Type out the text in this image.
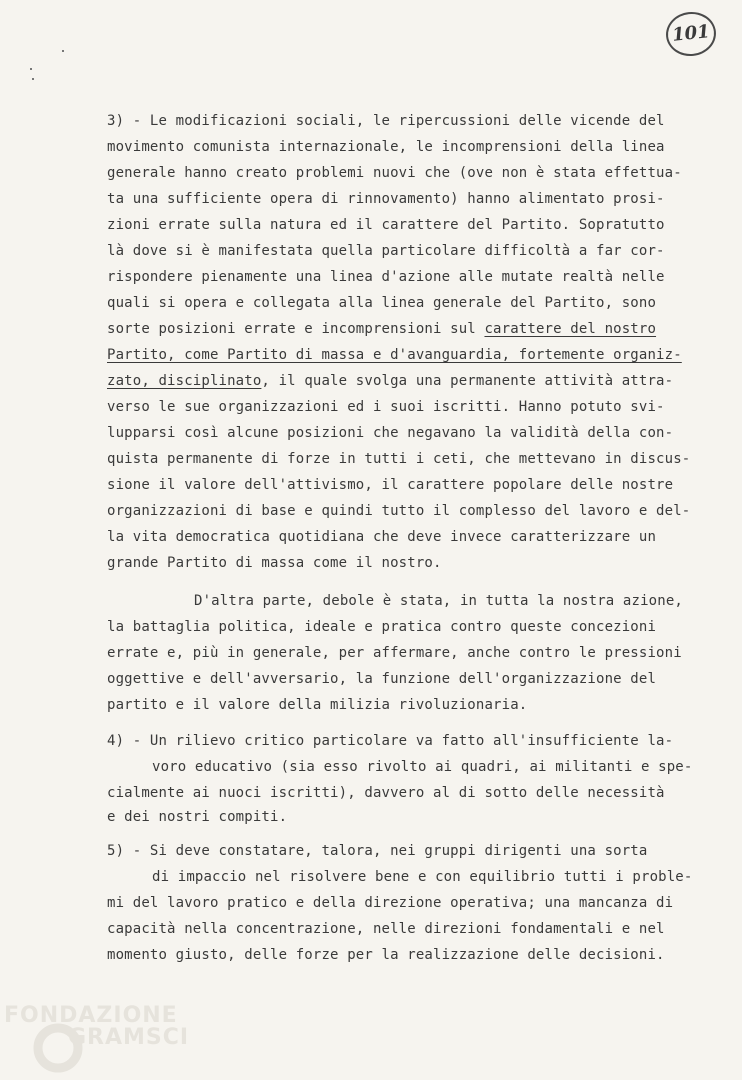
101
3) - Le modificazioni sociali, le ripercussioni delle vicende del
movimento comunista internazionale, le incomprensioni della linea
generale hanno creato problemi nuovi che (ove non è stata effettua-
ta una sufficiente opera di rinnovamento) hanno alimentato prosi-
zioni errate sulla natura ed il carattere del Partito. Sopratutto
là dove si è manifestata quella particolare difficoltà a far cor-
rispondere pienamente una linea d'azione alle mutate realtà nelle
quali si opera e collegata alla linea generale del Partito, sono
sorte posizioni errate e incomprensioni sul carattere del nostro
Partito, come Partito di massa e d'avanguardia, fortemente organiz-
zato, disciplinato, il quale svolga una permanente attività attra-
verso le sue organizzazioni ed i suoi iscritti. Hanno potuto svi-
lupparsi così alcune posizioni che negavano la validità della con-
quista permanente di forze in tutti i ceti, che mettevano in discus-
sione il valore dell'attivismo, il carattere popolare delle nostre
organizzazioni di base e quindi tutto il complesso del lavoro e del-
la vita democratica quotidiana che deve invece caratterizzare un
grande Partito di massa come il nostro.
D'altra parte, debole è stata, in tutta la nostra azione,
la battaglia politica, ideale e pratica contro queste concezioni
errate e, più in generale, per affermare, anche contro le pressioni
oggettive e dell'avversario, la funzione dell'organizzazione del
partito e il valore della milizia rivoluzionaria.
4) - Un rilievo critico particolare va fatto all'insufficiente la-
voro educativo (sia esso rivolto ai quadri, ai militanti e spe-
cialmente ai nuoci iscritti), davvero al di sotto delle necessità
e dei nostri compiti.
5) - Si deve constatare, talora, nei gruppi dirigenti una sorta
di impaccio nel risolvere bene e con equilibrio tutti i proble-
mi del lavoro pratico e della direzione operativa; una mancanza di
capacità nella concentrazione, nelle direzioni fondamentali e nel
momento giusto, delle forze per la realizzazione delle decisioni.
FONDAZIONE
GRAMSCI
